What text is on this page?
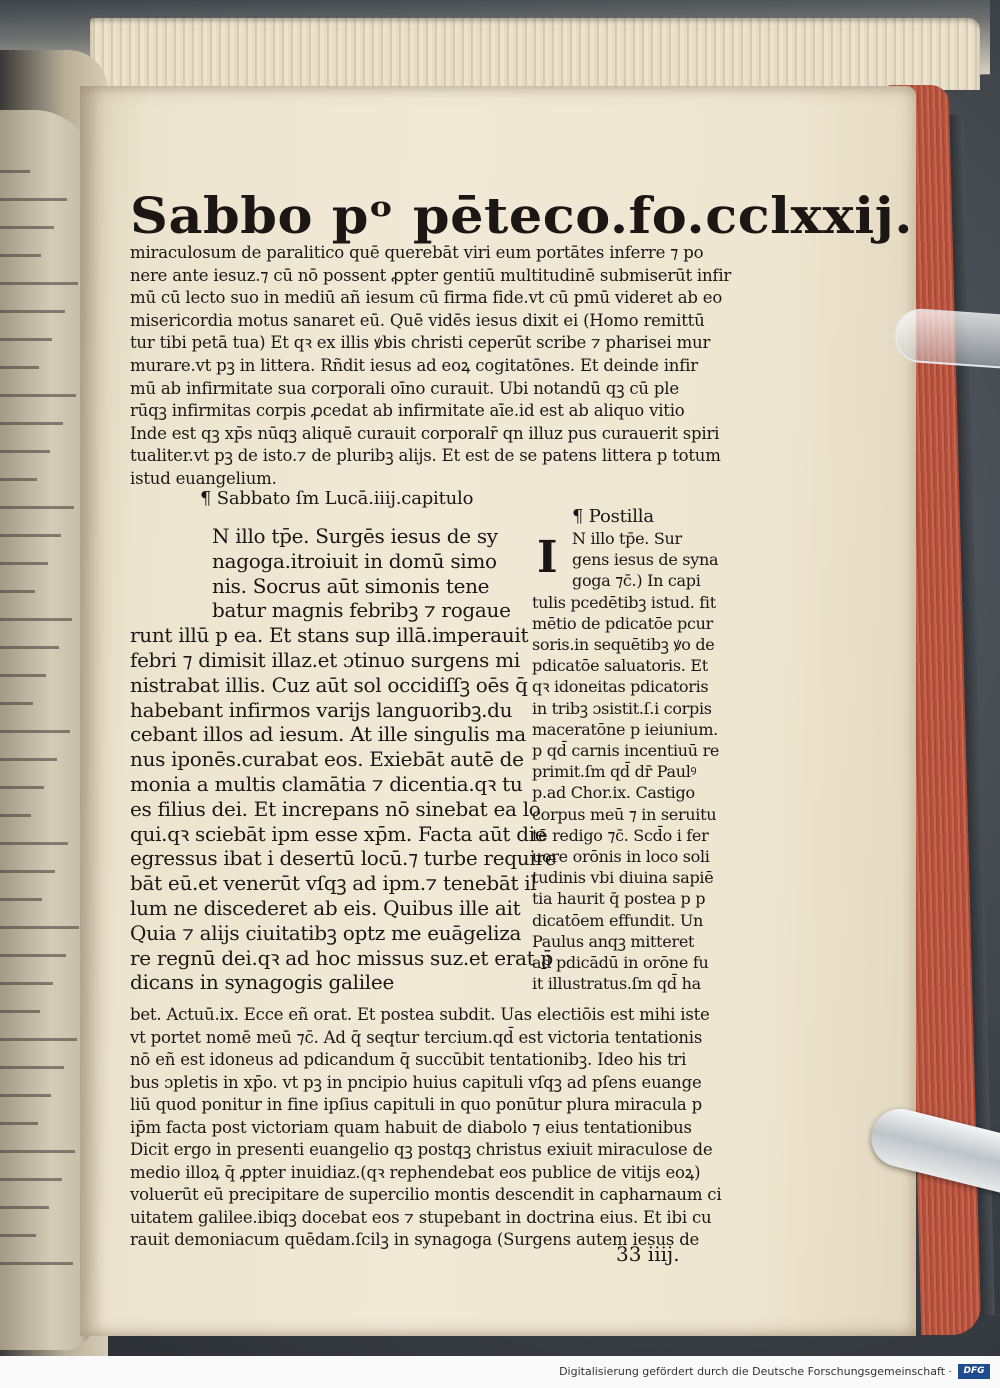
Sabbo pᵒ pēteco.fo.cclxxij.
miraculosum de paralitico quē querebāt viri eum portātes inferre ⁊ po
nere ante iesuz.⁊ cū nō possent ꝓpter gentiū multitudinē submiserūt infir
mū cū lecto suo in mediū añ iesum cū firma fide.vt cū pmū videret ab eo
misericordia motus sanaret eū. Quē vidēs iesus dixit ei (Homo remittū
tur tibi petā tua) Et qꝛ ex illis ꝟbis christi ceperūt scribe ⁊ pharisei mur
murare.vt pꝫ in littera. Rñdit iesus ad eoꝝ cogitatōnes. Et deinde infir
mū ab infirmitate sua corporali oīno curauit. Ubi notandū qꝫ cū ple
rūqꝫ infirmitas corpis ꝓcedat ab infirmitate aīe.id est ab aliquo vitio
Inde est qꝫ xp̄s nūqꝫ aliquē curauit corporalr̄ qn illuz pus curauerit spiri
tualiter.vt pꝫ de isto.⁊ de pluribꝫ alijs. Et est de se patens littera p totum
istud euangelium.
¶ Sabbato ſm Lucā.iiij.capitulo
¶ Postilla
I
N illo tp̄e. Surgēs iesus de sy
nagoga.itroiuit in domū simo
nis. Socrus aūt simonis tene
batur magnis febribꝫ ⁊ rogaue
runt illū p ea. Et stans sup illā.imperauit
febri ⁊ dimisit illaz.et ɔtinuo surgens mi
nistrabat illis. Cuz aūt sol occidiſſꝫ oēs q̄
habebant infirmos varijs languoribꝫ.du
cebant illos ad iesum. At ille singulis ma
nus iponēs.curabat eos. Exiebāt autē de
monia a multis clamātia ⁊ dicentia.qꝛ tu
es filius dei. Et increpans nō sinebat ea lo
qui.qꝛ sciebāt ipm esse xp̄m. Facta aūt die
egressus ibat i desertū locū.⁊ turbe require
bāt eū.et venerūt vſqꝫ ad ipm.⁊ tenebāt il
lum ne discederet ab eis. Quibus ille ait
Quia ⁊ alijs ciuitatibꝫ optz me euāgeliza
re regnū dei.qꝛ ad hoc missus suz.et erat p̄
dicans in synagogis galilee
N illo tp̄e. Sur
gens iesus de syna
goga ⁊c̄.) In capi
tulis pcedētibꝫ istud. fit
mētio de pdicatōe pcur
soris.in sequētibꝫ ꝟo de
pdicatōe saluatoris. Et
qꝛ idoneitas pdicatoris
in tribꝫ ɔsistit.ſ.i corpis
maceratōne p ieiunium.
p qd̄ carnis incentiuū re
primit.ſm qd̄ dr̄ Paulꝰ
p.ad Chor.ix. Castigo
corpus meū ⁊ in seruitu
tē redigo ⁊c̄. Scd̄o i fer
uore orōnis in loco soli
tudinis vbi diuina sapiē
tia haurit q̄ postea p p
dicatōem effundit. Un
Paulus anqꝫ mitteret
ad pdicādū in orōne fu
it illustratus.ſm qd̄ ha
bet. Actuū.ix. Ecce eñ orat. Et postea subdit. Uas electiōis est mihi iste
vt portet nomē meū ⁊c̄. Ad q̄ seqtur tercium.qd̄ est victoria tentationis
nō eñ est idoneus ad pdicandum q̄ succūbit tentationibꝫ. Ideo his tri
bus ɔpletis in xp̄o. vt pꝫ in pncipio huius capituli vſqꝫ ad pſens euange
liū quod ponitur in fine ipſius capituli in quo ponūtur plura miracula p
ip̄m facta post victoriam quam habuit de diabolo ⁊ eius tentationibus
Dicit ergo in presenti euangelio qꝫ postqꝫ christus exiuit miraculose de
medio illoꝝ q̄ ꝓpter inuidiaz.(qꝛ rephendebat eos publice de vitijs eoꝝ)
voluerūt eū precipitare de supercilio montis descendit in capharnaum ci
uitatem galilee.ibiqꝫ docebat eos ⁊ stupebant in doctrina eius. Et ibi cu
rauit demoniacum quēdam.ſcilꝫ in synagoga (Surgens autem iesus de
33 iiij.
Digitalisierung gefördert durch die Deutsche Forschungsgemeinschaft ·	DFG
